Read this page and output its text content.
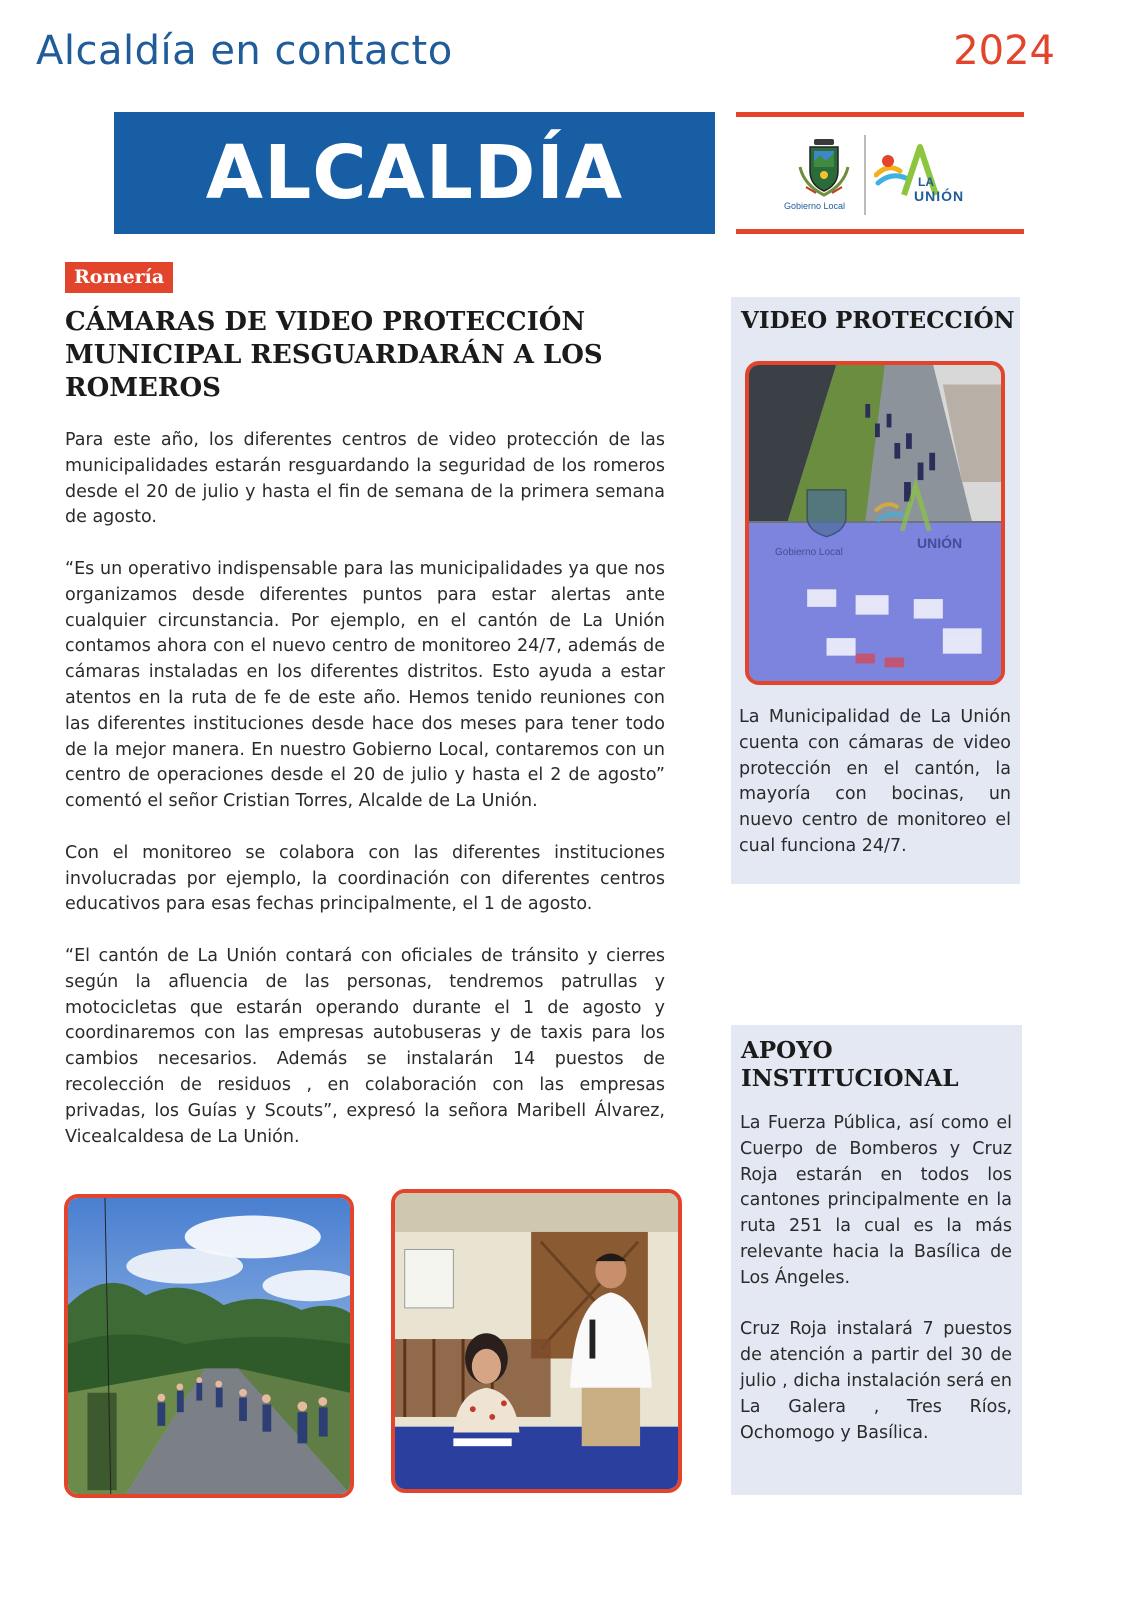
Alcaldía en contacto	2024
ALCALDÍA	Gobierno Local
LA
UNIÓN
Romería
CÁMARAS DE VIDEO PROTECCIÓN MUNICIPAL RESGUARDARÁN A LOS ROMEROS

Para este año, los diferentes centros de video protección de las municipalidades estarán resguardando la seguridad de los romeros desde el 20 de julio y hasta el fin de semana de la primera semana de agosto.

“Es un operativo indispensable para las municipalidades ya que nos organizamos desde diferentes puntos para estar alertas ante cualquier circunstancia. Por ejemplo, en el cantón de La Unión contamos ahora con el nuevo centro de monitoreo 24/7, además de cámaras instaladas en los diferentes distritos. Esto ayuda a estar atentos en la ruta de fe de este año. Hemos tenido reuniones con las diferentes instituciones desde hace dos meses para tener todo de la mejor manera. En nuestro Gobierno Local, contaremos con un centro de operaciones desde el 20 de julio y hasta el 2 de agosto” comentó el señor Cristian Torres, Alcalde de La Unión.

Con el monitoreo se colabora con las diferentes instituciones involucradas por ejemplo, la coordinación con diferentes centros educativos para esas fechas principalmente, el 1 de agosto.

“El cantón de La Unión contará con oficiales de tránsito y cierres según la afluencia de las personas, tendremos patrullas y motocicletas que estarán operando durante el 1 de agosto y coordinaremos con las empresas autobuseras y de taxis para los cambios necesarios. Además se instalarán 14 puestos de recolección de residuos , en colaboración con las empresas privadas, los Guías y Scouts”, expresó la señora Maribell Álvarez, Vicealcaldesa de La Unión.

VIDEO PROTECCIÓN
Gobierno Local
UNIÓN
La Municipalidad de La Unión cuenta con cámaras de video protección en el cantón, la mayoría con bocinas, un nuevo centro de monitoreo el cual funciona 24/7.
APOYO INSTITUCIONAL

La Fuerza Pública, así como el Cuerpo de Bomberos y Cruz Roja estarán en todos los cantones principalmente en la ruta 251 la cual es la más relevante hacia la Basílica de Los Ángeles.

Cruz Roja instalará 7 puestos de atención a partir del 30 de julio , dicha instalación será en La Galera , Tres Ríos, Ochomogo y Basílica.
